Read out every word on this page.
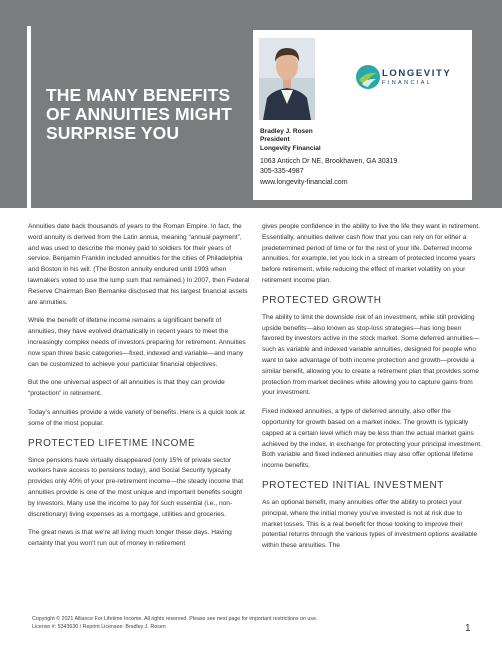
THE MANY BENEFITS OF ANNUITIES MIGHT SURPRISE YOU
LONGEVITY
FINANCIAL
Bradley J. Rosen
President
Longevity Financial
1063 Anticch Dr NE, Brookhaven, GA 30319
305-335-4987
www.longevity-financial.com

Annuities date back thousands of years to the Roman Empire. In fact, the word annuity is derived from the Latin annua, meaning “annual payment”, and was used to describe the money paid to soldiers for their years of service. Benjamin Franklin included annuities for the cities of Philadelphia and Boston in his will. (The Boston annuity endured until 1993 when lawmakers voted to use the lump sum that remained.) In 2007, then Federal Reserve Chairman Ben Bernanke disclosed that his largest financial assets are annuities.

While the benefit of lifetime income remains a significant benefit of annuities, they have evolved dramatically in recent years to meet the increasingly complex needs of investors preparing for retirement. Annuities now span three basic categories—fixed, indexed and variable—and many can be customized to achieve your particular financial objectives.

But the one universal aspect of all annuities is that they can provide “protection” in retirement.

Today’s annuities provide a wide variety of benefits. Here is a quick look at some of the most popular.

PROTECTED LIFETIME INCOME

Since pensions have virtually disappeared (only 15% of private sector workers have access to pensions today), and Social Security typically provides only 40% of your pre-retirement income—the steady income that annuities provide is one of the most unique and important benefits sought by investors. Many use the income to pay for such essential (i.e., non-discretionary) living expenses as a mortgage, utilities and groceries.

The great news is that we’re all living much longer these days. Having certainty that you won’t run out of money in retirement

gives people confidence in the ability to live the life they want in retirement. Essentially, annuities deliver cash flow that you can rely on for either a predetermined period of time or for the rest of your life. Deferred income annuities, for example, let you lock in a stream of protected income years before retirement, while reducing the effect of market volatility on your retirement income plan.

PROTECTED GROWTH

The ability to limit the downside risk of an investment, while still providing upside benefits—also known as stop-loss strategies—has long been favored by investors active in the stock market. Some deferred annuities—such as variable and indexed variable annuities, designed for people who want to take advantage of both income protection and growth—provide a similar benefit, allowing you to create a retirement plan that provides some protection from market declines while allowing you to capture gains from your investment.

Fixed indexed annuities, a type of deferred annuity, also offer the opportunity for growth based on a market index. The growth is typically capped at a certain level which may be less than the actual market gains achieved by the index, in exchange for protecting your principal investment. Both variable and fixed indexed annuities may also offer optional lifetime income benefits.

PROTECTED INITIAL INVESTMENT

As an optional benefit, many annuities offer the ability to protect your principal, where the initial money you’ve invested is not at risk due to market losses. This is a real benefit for those looking to improve their potential returns through the various types of investment options available within these annuities. The

Copyright © 2021 Alliance For Lifetime Income. All rights reserved. Please see next page for important restrictions on use.
License #: 5343630 / Reprint Licensee: Bradley J. Rosen	1
